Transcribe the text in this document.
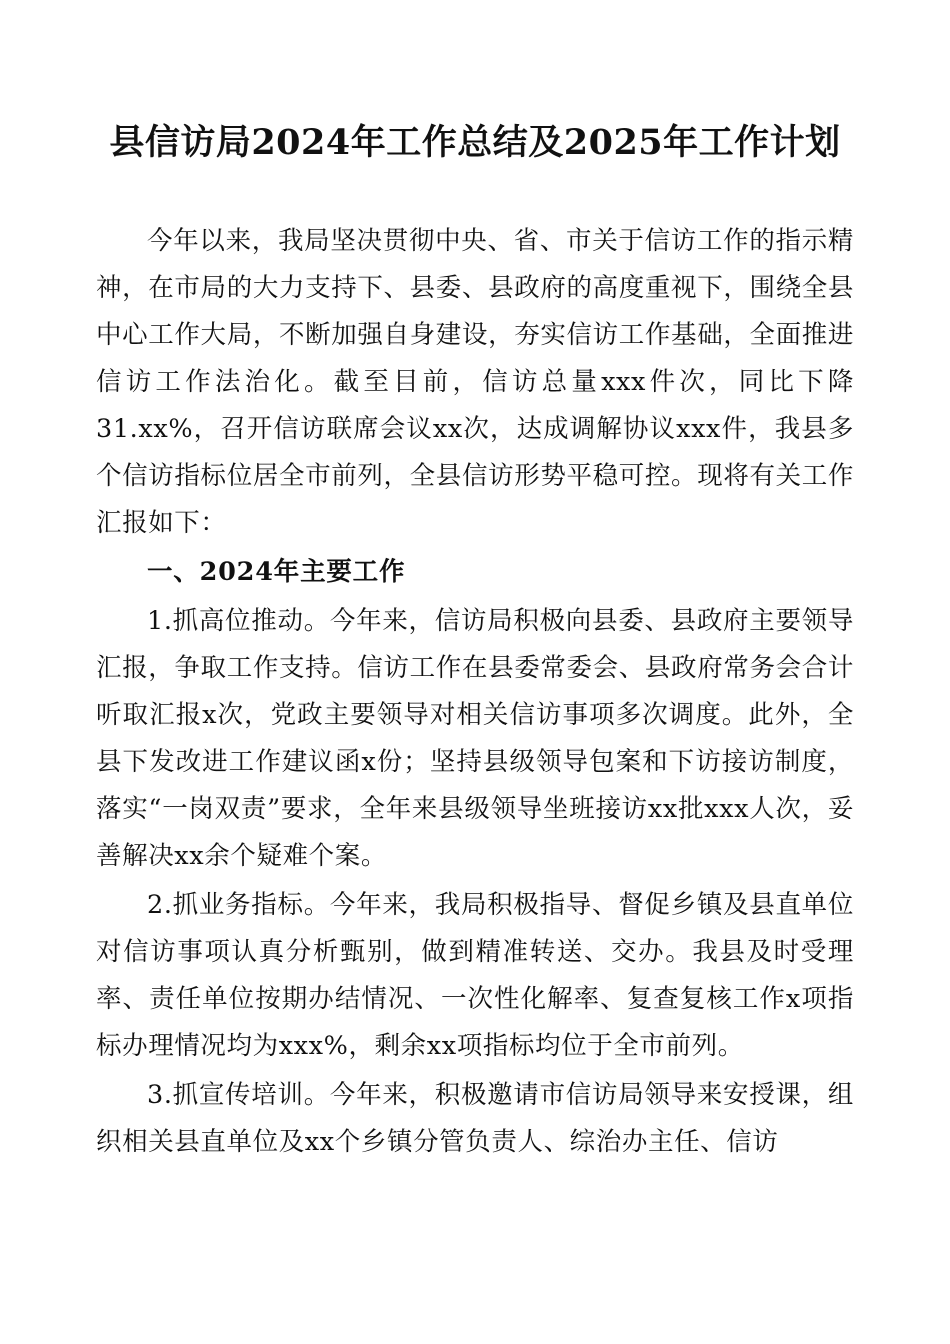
县信访局2024年工作总结及2025年工作计划

今年以来，我局坚决贯彻中央、省、市关于信访工作的指示精神，在市局的大力支持下、县委、县政府的高度重视下，围绕全县中心工作大局，不断加强自身建设，夯实信访工作基础，全面推进信访工作法治化。截至目前，信访总量xxx件次，同比下降31.xx%，召开信访联席会议xx次，达成调解协议xxx件，我县多个信访指标位居全市前列，全县信访形势平稳可控。现将有关工作汇报如下：

一、2024年主要工作

1.抓高位推动。今年来，信访局积极向县委、县政府主要领导汇报，争取工作支持。信访工作在县委常委会、县政府常务会合计听取汇报x次，党政主要领导对相关信访事项多次调度。此外，全县下发改进工作建议函x份；坚持县级领导包案和下访接访制度，落实“一岗双责”要求，全年来县级领导坐班接访xx批xxx人次，妥善解决xx余个疑难个案。

2.抓业务指标。今年来，我局积极指导、督促乡镇及县直单位对信访事项认真分析甄别，做到精准转送、交办。我县及时受理率、责任单位按期办结情况、一次性化解率、复查复核工作x项指标办理情况均为xxx%，剩余xx项指标均位于全市前列。

3.抓宣传培训。今年来，积极邀请市信访局领导来安授课，组织相关县直单位及xx个乡镇分管负责人、综治办主任、信访
